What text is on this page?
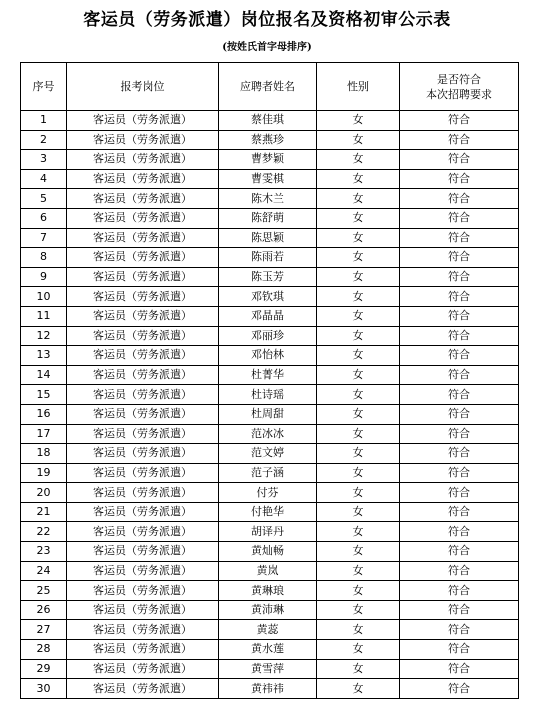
客运员（劳务派遣）岗位报名及资格初审公示表
(按姓氏首字母排序)
序号	报考岗位	应聘者姓名	性别	是否符合
本次招聘要求

1	客运员（劳务派遣）	蔡佳琪	女	符合
2	客运员（劳务派遣）	蔡燕珍	女	符合
3	客运员（劳务派遣）	曹梦颖	女	符合
4	客运员（劳务派遣）	曹雯棋	女	符合
5	客运员（劳务派遣）	陈木兰	女	符合
6	客运员（劳务派遣）	陈舒萌	女	符合
7	客运员（劳务派遣）	陈思颖	女	符合
8	客运员（劳务派遣）	陈雨若	女	符合
9	客运员（劳务派遣）	陈玉芳	女	符合
10	客运员（劳务派遣）	邓钦琪	女	符合
11	客运员（劳务派遣）	邓晶晶	女	符合
12	客运员（劳务派遣）	邓丽珍	女	符合
13	客运员（劳务派遣）	邓怡林	女	符合
14	客运员（劳务派遣）	杜菁华	女	符合
15	客运员（劳务派遣）	杜诗瑶	女	符合
16	客运员（劳务派遣）	杜周甜	女	符合
17	客运员（劳务派遣）	范冰冰	女	符合
18	客运员（劳务派遣）	范文婷	女	符合
19	客运员（劳务派遣）	范子涵	女	符合
20	客运员（劳务派遣）	付芬	女	符合
21	客运员（劳务派遣）	付艳华	女	符合
22	客运员（劳务派遣）	胡译丹	女	符合
23	客运员（劳务派遣）	黄灿畅	女	符合
24	客运员（劳务派遣）	黄岚	女	符合
25	客运员（劳务派遣）	黄琳琅	女	符合
26	客运员（劳务派遣）	黄沛琳	女	符合
27	客运员（劳务派遣）	黄蕊	女	符合
28	客运员（劳务派遣）	黄水莲	女	符合
29	客运员（劳务派遣）	黄雪萍	女	符合
30	客运员（劳务派遣）	黄祎祎	女	符合
